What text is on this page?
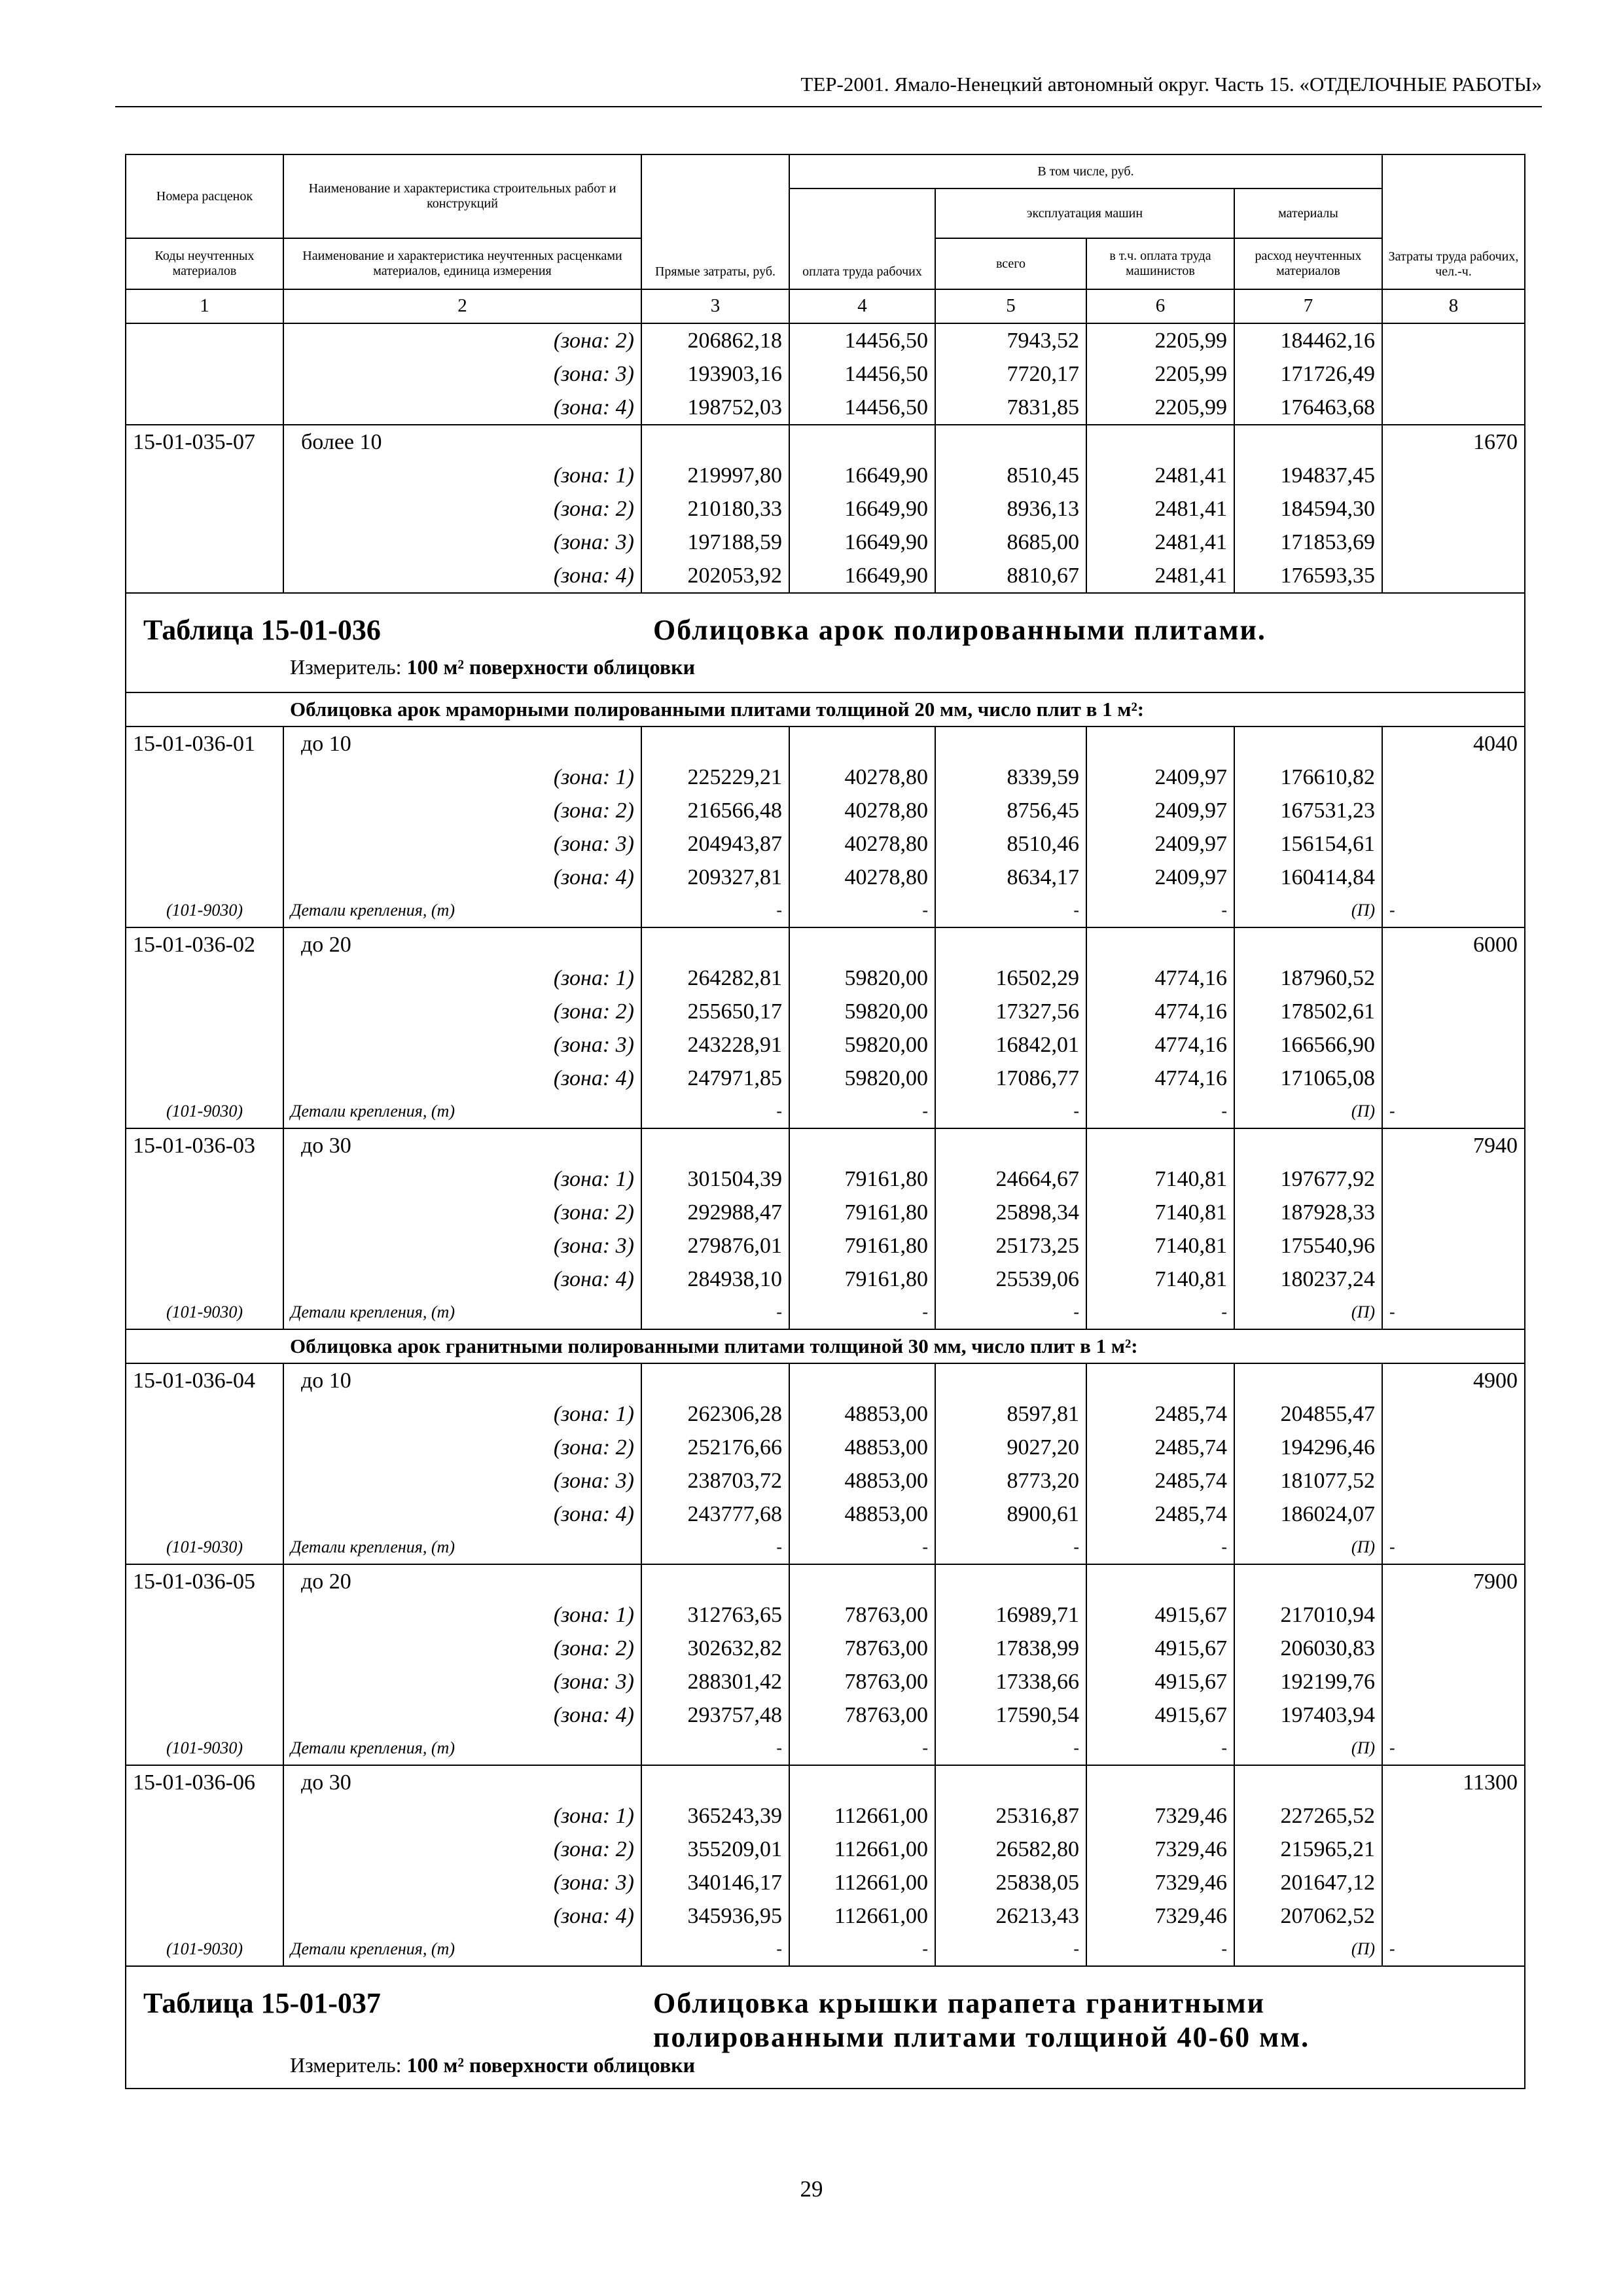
ТЕР-2001. Ямало-Ненецкий автономный округ. Часть 15. «ОТДЕЛОЧНЫЕ РАБОТЫ»
Номера расценок	Наименование и характеристика строительных работ и конструкций	Прямые затраты, руб.	В том числе, руб.				Затраты труда рабочих, чел.-ч.
			оплата труда рабочих	эксплуатация машин		материалы	
Коды неучтенных материалов	Наименование и характеристика неучтенных расценками материалов, единица измерения			всего	в т.ч. оплата труда машинистов	расход неучтенных материалов	
1	2	3	4	5	6	7	8
	(зона: 2)	206862,18	14456,50	7943,52	2205,99	184462,16	
	(зона: 3)	193903,16	14456,50	7720,17	2205,99	171726,49	
	(зона: 4)	198752,03	14456,50	7831,85	2205,99	176463,68	
15-01-035-07	более 10						1670
	(зона: 1)	219997,80	16649,90	8510,45	2481,41	194837,45	
	(зона: 2)	210180,33	16649,90	8936,13	2481,41	184594,30	
	(зона: 3)	197188,59	16649,90	8685,00	2481,41	171853,69	
	(зона: 4)	202053,92	16649,90	8810,67	2481,41	176593,35	

Таблица 15-01-036 Облицовка арок полированными плитами.
Измеритель: 100 м² поверхности облицовки							

Облицовка арок мраморными полированными плитами толщиной 20 мм, число плит в 1 м²:							
15-01-036-01	до 10						4040
	(зона: 1)	225229,21	40278,80	8339,59	2409,97	176610,82	
	(зона: 2)	216566,48	40278,80	8756,45	2409,97	167531,23	
	(зона: 3)	204943,87	40278,80	8510,46	2409,97	156154,61	
	(зона: 4)	209327,81	40278,80	8634,17	2409,97	160414,84	
(101-9030)	Детали крепления, (т)	-	-	-	-	(П)	-
15-01-036-02	до 20						6000
	(зона: 1)	264282,81	59820,00	16502,29	4774,16	187960,52	
	(зона: 2)	255650,17	59820,00	17327,56	4774,16	178502,61	
	(зона: 3)	243228,91	59820,00	16842,01	4774,16	166566,90	
	(зона: 4)	247971,85	59820,00	17086,77	4774,16	171065,08	
(101-9030)	Детали крепления, (т)	-	-	-	-	(П)	-
15-01-036-03	до 30						7940
	(зона: 1)	301504,39	79161,80	24664,67	7140,81	197677,92	
	(зона: 2)	292988,47	79161,80	25898,34	7140,81	187928,33	
	(зона: 3)	279876,01	79161,80	25173,25	7140,81	175540,96	
	(зона: 4)	284938,10	79161,80	25539,06	7140,81	180237,24	
(101-9030)	Детали крепления, (т)	-	-	-	-	(П)	-
Облицовка арок гранитными полированными плитами толщиной 30 мм, число плит в 1 м²:							
15-01-036-04	до 10						4900
	(зона: 1)	262306,28	48853,00	8597,81	2485,74	204855,47	
	(зона: 2)	252176,66	48853,00	9027,20	2485,74	194296,46	
	(зона: 3)	238703,72	48853,00	8773,20	2485,74	181077,52	
	(зона: 4)	243777,68	48853,00	8900,61	2485,74	186024,07	
(101-9030)	Детали крепления, (т)	-	-	-	-	(П)	-
15-01-036-05	до 20						7900
	(зона: 1)	312763,65	78763,00	16989,71	4915,67	217010,94	
	(зона: 2)	302632,82	78763,00	17838,99	4915,67	206030,83	
	(зона: 3)	288301,42	78763,00	17338,66	4915,67	192199,76	
	(зона: 4)	293757,48	78763,00	17590,54	4915,67	197403,94	
(101-9030)	Детали крепления, (т)	-	-	-	-	(П)	-
15-01-036-06	до 30						11300
	(зона: 1)	365243,39	112661,00	25316,87	7329,46	227265,52	
	(зона: 2)	355209,01	112661,00	26582,80	7329,46	215965,21	
	(зона: 3)	340146,17	112661,00	25838,05	7329,46	201647,12	
	(зона: 4)	345936,95	112661,00	26213,43	7329,46	207062,52	
(101-9030)	Детали крепления, (т)	-	-	-	-	(П)	-

Таблица 15-01-037 Облицовка крышки парапета гранитными полированными плитами толщиной 40-60 мм.
Измеритель: 100 м² поверхности облицовки							
29
